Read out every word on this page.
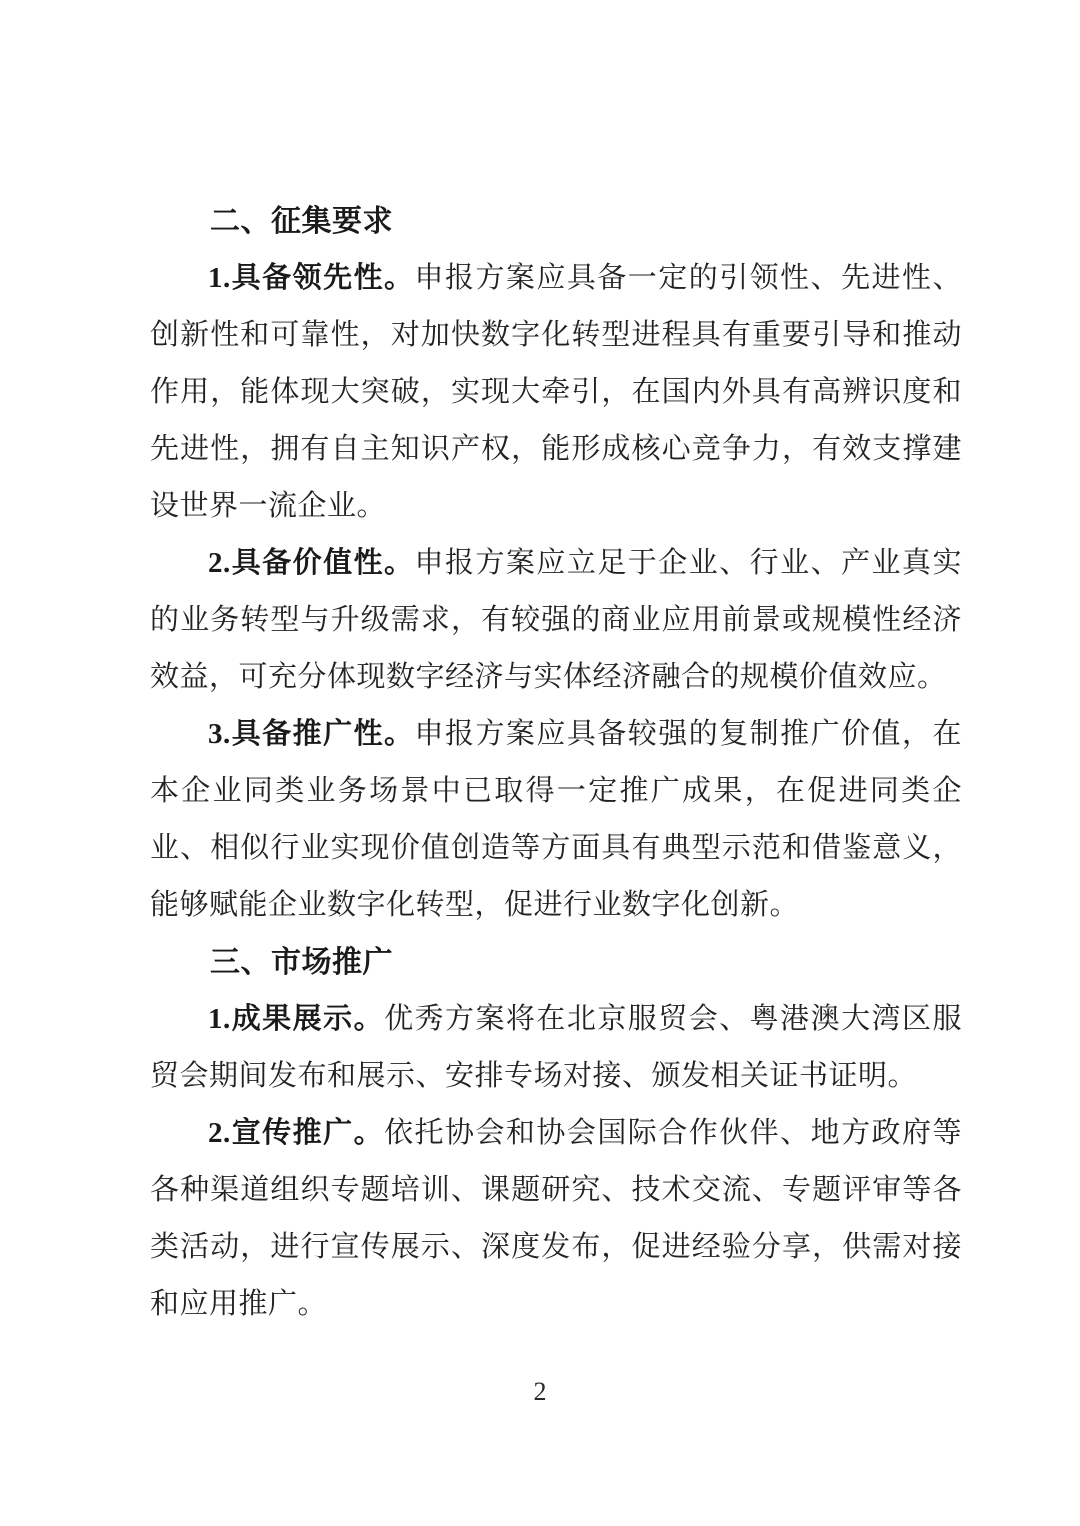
二、征集要求

1.具备领先性。申报方案应具备一定的引领性、先进性、创新性和可靠性，对加快数字化转型进程具有重要引导和推动作用，能体现大突破，实现大牵引，在国内外具有高辨识度和先进性，拥有自主知识产权，能形成核心竞争力，有效支撑建设世界一流企业。

2.具备价值性。申报方案应立足于企业、行业、产业真实的业务转型与升级需求，有较强的商业应用前景或规模性经济效益，可充分体现数字经济与实体经济融合的规模价值效应。

3.具备推广性。申报方案应具备较强的复制推广价值，在本企业同类业务场景中已取得一定推广成果，在促进同类企业、相似行业实现价值创造等方面具有典型示范和借鉴意义，能够赋能企业数字化转型，促进行业数字化创新。

三、市场推广

1.成果展示。优秀方案将在北京服贸会、粤港澳大湾区服贸会期间发布和展示、安排专场对接、颁发相关证书证明。

2.宣传推广。依托协会和协会国际合作伙伴、地方政府等各种渠道组织专题培训、课题研究、技术交流、专题评审等各类活动，进行宣传展示、深度发布，促进经验分享，供需对接和应用推广。

2
